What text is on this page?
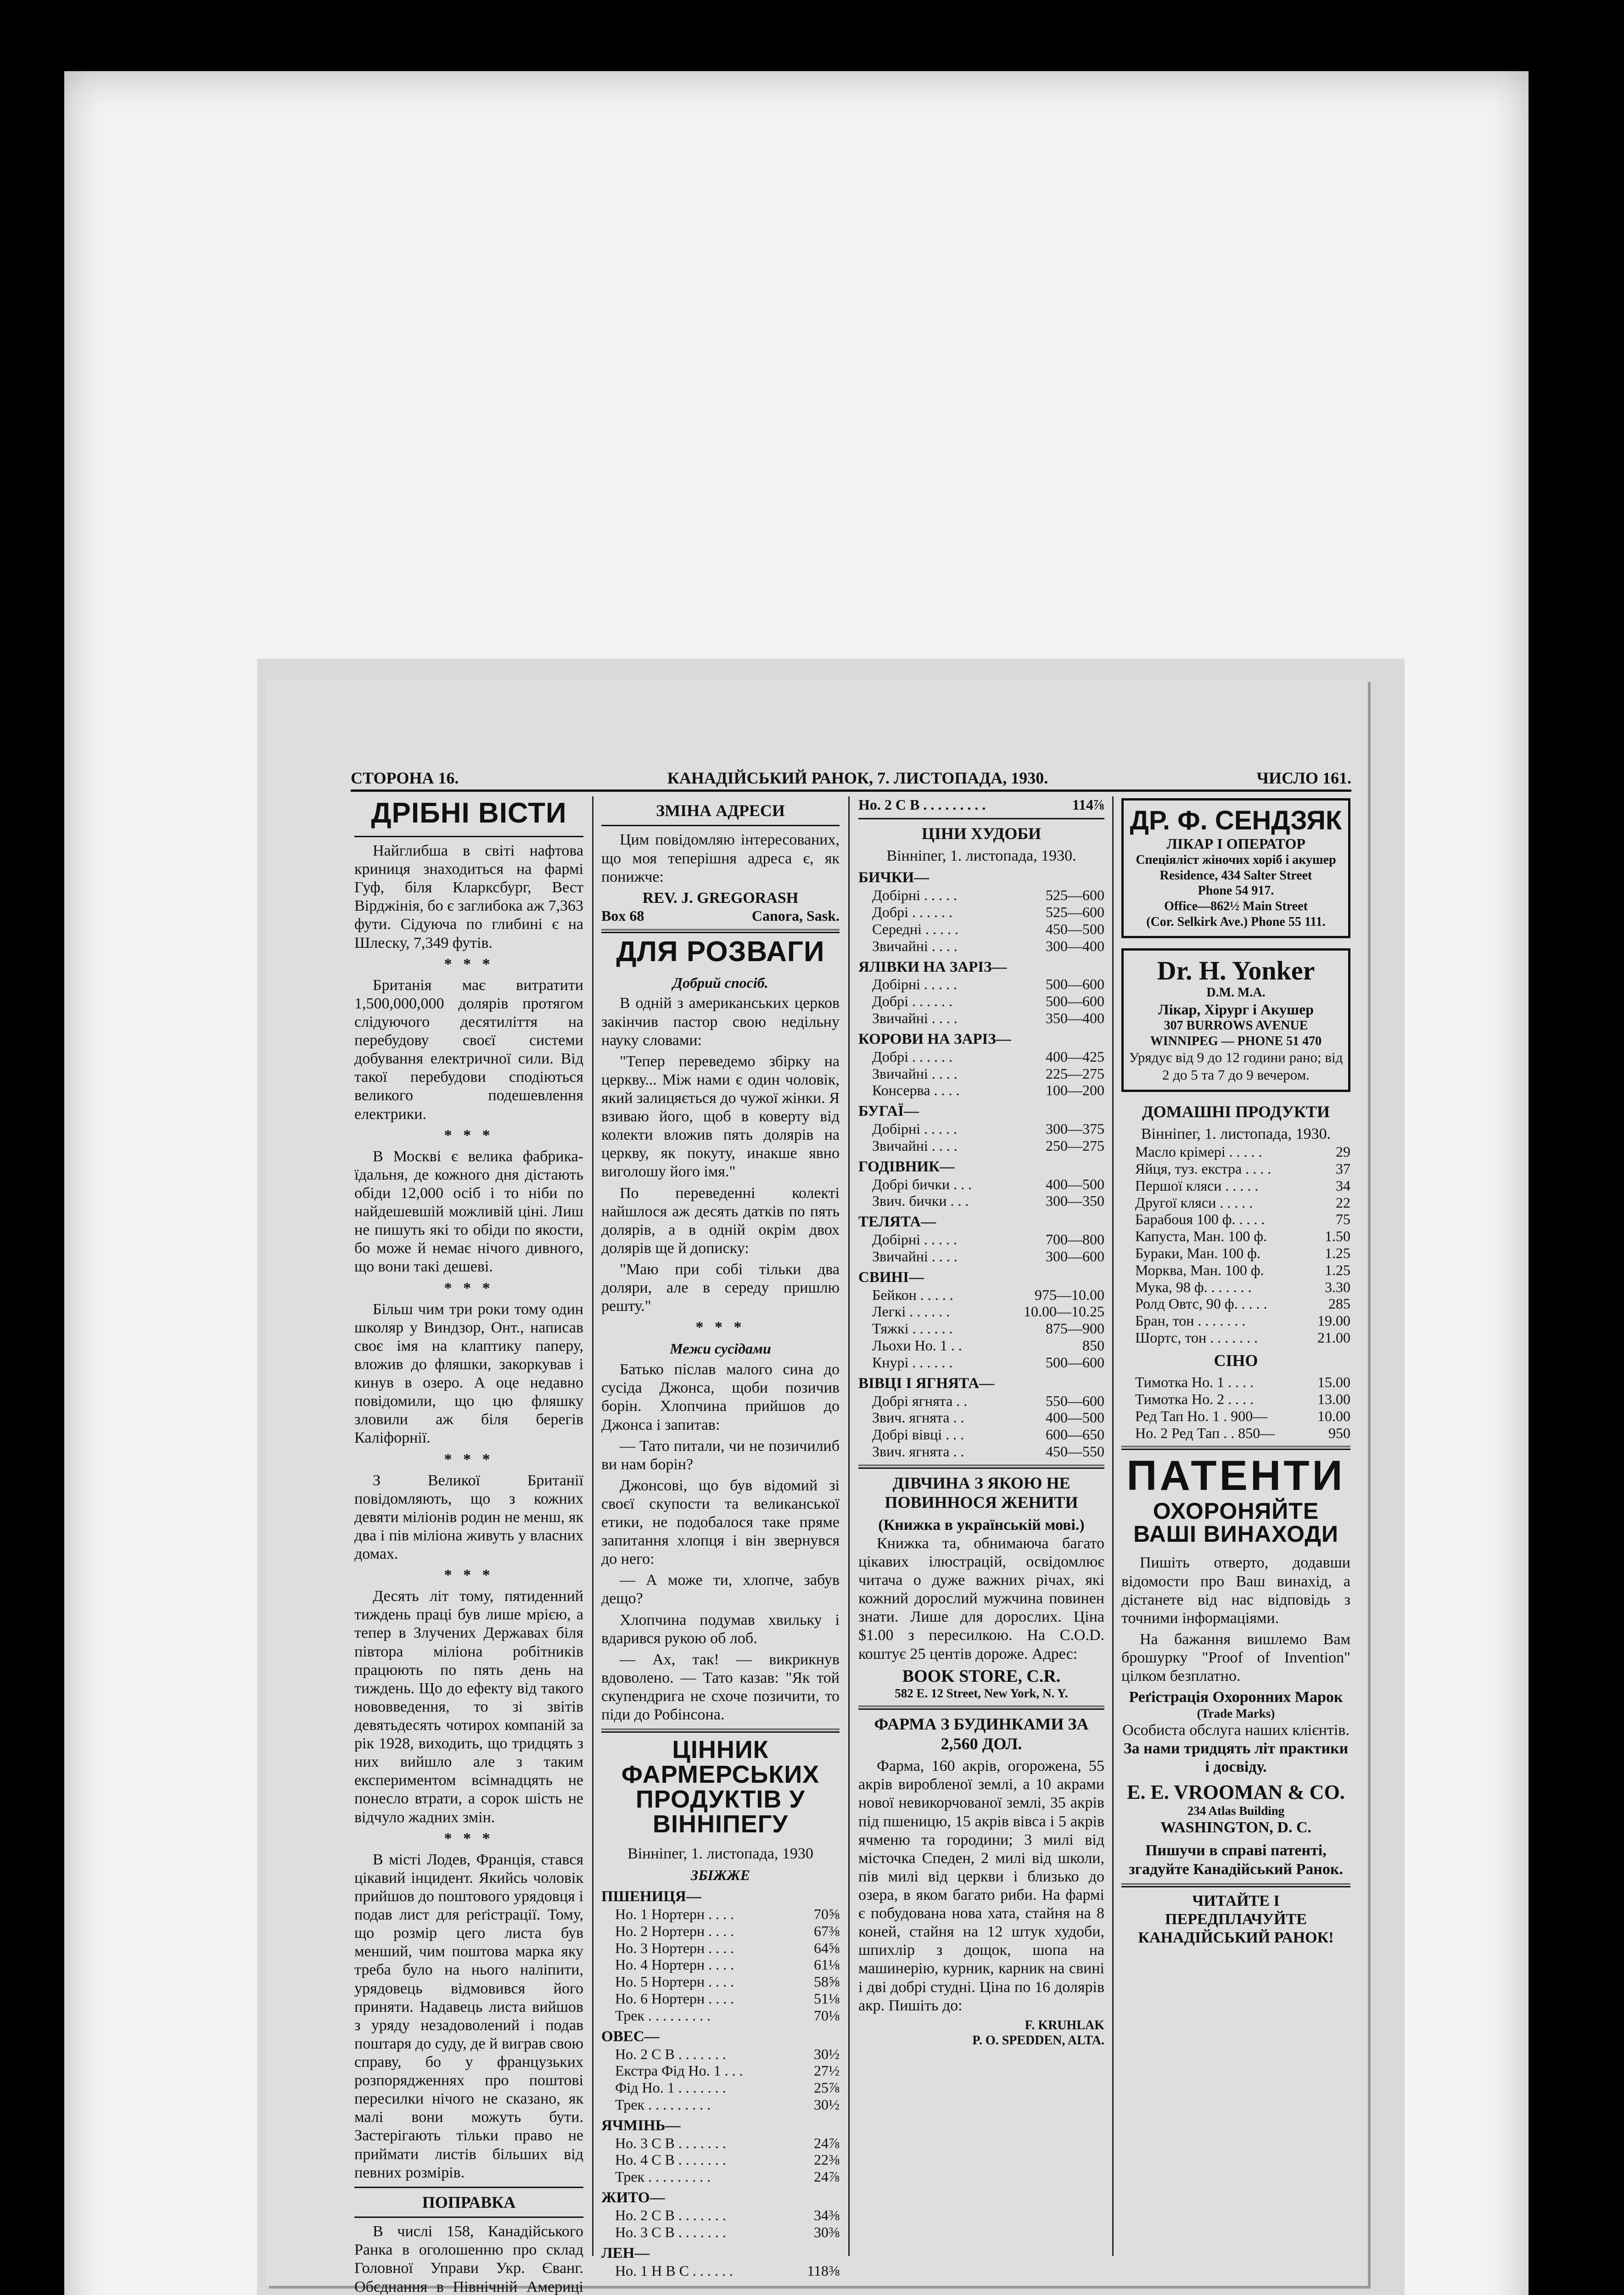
СТОРОНА 16.	КАНАДІЙСЬКИЙ РАНОК, 7. ЛИСТОПАДА, 1930.	ЧИСЛО 161.
ДРІБНІ ВІСТИ

Найглибша в світі нафтова криниця знаходиться на фармі Гуф, біля Кларксбург, Вест Вірджінія, бо є заглибока аж 7,363 фути. Сідуюча по глибині є на Шлеску, 7,349 футів.

* * *

Британія має витратити 1,500,000,000 долярів протягом слідуючого десятиліття на перебудову своєї системи добування електричної сили. Від такої перебудови сподіються великого подешевлення електрики.

* * *

В Москві є велика фабрика-їдальня, де кожного дня дістають обіди 12,000 осіб і то ніби по найдешевшій можливій ціні. Лиш не пишуть які то обіди по якости, бо може й немає нічого дивного, що вони такі дешеві.

* * *

Більш чим три роки тому один школяр у Виндзор, Онт., написав своє імя на клаптику паперу, вложив до фляшки, закоркував і кинув в озеро. А оце недавно повідомили, що цю фляшку зловили аж біля берегів Каліфорнії.

* * *

З Великої Британії повідомляють, що з кожних девяти міліонів родин не менш, як два і пів міліона живуть у власних домах.

* * *

Десять літ тому, пятиденний тиждень праці був лише мрією, а тепер в Злучених Державах біля півтора міліона робітників працюють по пять день на тиждень. Що до ефекту від такого нововведення, то зі звітів девятьдесять чотирох компаній за рік 1928, виходить, що тридцять з них вийшло але з таким експериментом всімнадцять не понесло втрати, а сорок шість не відчуло жадних змін.

* * *

В місті Лодев, Франція, стався цікавий інцидент. Якийсь чоловік прийшов до поштового урядовця і подав лист для реґістрації. Тому, що розмір цего листа був менший, чим поштова марка яку треба було на нього наліпити, урядовець відмовився його приняти. Надавець листа вийшов з уряду незадоволений і подав поштаря до суду, де й виграв свою справу, бо у французьких розпорядженнях про поштові пересилки нічого не сказано, як малі вони можуть бути. Застерігають тільки право не приймати листів більших від певних розмірів.

ПОПРАВКА

В числі 158, Канадійського Ранка в оголошенню про склад Головної Управи Укр. Єванг. Обєднання в Північній Америці

ЗМІНА АДРЕСИ

Цим повідомляю інтересованих, що моя теперішня адреса є, як понижче:

REV. J. GREGORASH
Box 68	Canora, Sask.
ДЛЯ РОЗВАГИ
Добрий спосіб.

В одній з американських церков закінчив пастор свою недільну науку словами:

"Тепер переведемо збірку на церкву... Між нами є один чоловік, який залицяється до чужої жінки. Я взиваю його, щоб в коверту від колекти вложив пять долярів на церкву, як покуту, инакше явно виголошу його імя."

По переведенні колекті найшлося аж десять датків по пять долярів, а в одній окрім двох долярів ще й дописку:

"Маю при собі тільки два доляри, але в середу пришлю решту."

* * *
Межи сусідами

Батько післав малого сина до сусіда Джонса, щоби позичив борін. Хлопчина прийшов до Джонса і запитав:

— Тато питали, чи не позичилиб ви нам борін?

Джонсові, що був відомий зі своєї скупости та великанської етики, не подобалося таке пряме запитання хлопця і він звернувся до него:

— А може ти, хлопче, забув дещо?

Хлопчина подумав хвильку і вдарився рукою об лоб.

— Ах, так! — викрикнув вдоволено. — Тато казав: "Як той скупендрига не схоче позичити, то піди до Робінсона.

ЦІННИК ФАРМЕРСЬКИХ ПРОДУКТІВ У ВІННІПЕГУ
Вінніпег, 1. листопада, 1930
ЗБІЖЖЕ
ПШЕНИЦЯ—
Но. 1 Нортерн . . . .	70⅝
Но. 2 Нортерн . . . .	67⅜
Но. 3 Нортерн . . . .	64⅝
Но. 4 Нортерн . . . .	61⅛
Но. 5 Нортерн . . . .	58⅝
Но. 6 Нортерн . . . .	51⅛
Трек . . . . . . . . .	70⅛
ОВЕС—
Но. 2 С В . . . . . . .	30½
Екстра Фід Но. 1 . . .	27½
Фід Но. 1 . . . . . . .	25⅞
Трек . . . . . . . . .	30½
ЯЧМІНЬ—
Но. 3 С В . . . . . . .	24⅞
Но. 4 С В . . . . . . .	22⅜
Трек . . . . . . . . .	24⅞
ЖИТО—
Но. 2 С В . . . . . . .	34⅜
Но. 3 С В . . . . . . .	30⅜
ЛЕН—
Но. 1 Н В С . . . . . .	118⅜
Но. 2 С В . . . . . . . . .	114⅞
ЦІНИ ХУДОБИ
Вінніпег, 1. листопада, 1930.
БИЧКИ—
Добірні . . . . .	525—600
Добрі . . . . . .	525—600
Середні . . . . .	450—500
Звичайні . . . .	300—400
ЯЛІВКИ НА ЗАРІЗ—
Добірні . . . . .	500—600
Добрі . . . . . .	500—600
Звичайні . . . .	350—400
КОРОВИ НА ЗАРІЗ—
Добрі . . . . . .	400—425
Звичайні . . . .	225—275
Консерва . . . .	100—200
БУГАЇ—
Добірні . . . . .	300—375
Звичайні . . . .	250—275
ГОДІВНИК—
Добрі бички . . .	400—500
Звич. бички . . .	300—350
ТЕЛЯТА—
Добірні . . . . .	700—800
Звичайні . . . .	300—600
СВИНІ—
Бейкон . . . . .	975—10.00
Легкі . . . . . .	10.00—10.25
Тяжкі . . . . . .	875—900
Льохи Но. 1 . .	850
Кнурі . . . . . .	500—600
ВІВЦІ І ЯГНЯТА—
Добрі ягнята . .	550—600
Звич. ягнята . .	400—500
Добрі вівці . . .	600—650
Звич. ягнята . .	450—550
ДІВЧИНА З ЯКОЮ НЕ ПОВИННОСЯ ЖЕНИТИ
(Книжка в українській мові.)

Книжка та, обнимаюча багато цікавих ілюстрацій, освідомлює читача о дуже важних річах, які кожний дорослий мужчина повинен знати. Лише для дорослих. Ціна $1.00 з пересилкою. На C.O.D. коштує 25 центів дороже. Адрес:

BOOK STORE, C.R.
582 E. 12 Street, New York, N. Y.
ФАРМА З БУДИНКАМИ ЗА 2,560 ДОЛ.

Фарма, 160 акрів, огорожена, 55 акрів виробленої землі, а 10 акрами нової невикорчованої землі, 35 акрів під пшеницю, 15 акрів вівса і 5 акрів ячменю та городини; 3 милі від місточка Спеден, 2 милі від школи, пів милі від церкви і близько до озера, в яком багато риби. На фармі є побудована нова хата, стайня на 8 коней, стайня на 12 штук худоби, шпихлір з дощок, шопа на машинерію, курник, карник на свині і дві добрі студні. Ціна по 16 долярів акр. Пишіть до:

F. KRUHLAK
P. O. SPEDDEN, ALTA.
ДР. Ф. СЕНДЗЯК
ЛІКАР І ОПЕРАТОР
Спеціяліст жіночих хоріб і акушер
Residence, 434 Salter Street
Phone 54 917.
Office—862½ Main Street
(Cor. Selkirk Ave.) Phone 55 111.
Dr. H. Yonker
D.M. M.A.
Лікар, Хірург і Акушер
307 BURROWS AVENUE
WINNIPEG — PHONE 51 470
Урядує від 9 до 12 години рано; від 2 до 5 та 7 до 9 вечером.
ДОМАШНІ ПРОДУКТИ
Вінніпег, 1. листопада, 1930.
Масло крімері . . . . .	29
Яйця, туз. екстра . . . .	37
Першої кляси . . . . .	34
Другої кляси . . . . .	22
Барабоuя 100 ф. . . . .	75
Капуста, Ман. 100 ф.	1.50
Бураки, Ман. 100 ф.	1.25
Морква, Ман. 100 ф.	1.25
Мука, 98 ф. . . . . . .	3.30
Ролд Овтс, 90 ф. . . . .	285
Бран, тон . . . . . . .	19.00
Шортс, тон . . . . . . .	21.00
СІНО
Тимотка Но. 1 . . . .	15.00
Тимотка Но. 2 . . . .	13.00
Ред Тап Но. 1 . 900—	10.00
Но. 2 Ред Тап . . 850—	950
ПАТЕНТИ
ОХОРОНЯЙТЕ ВАШІ ВИНАХОДИ

Пишіть отверто, додавши відомости про Ваш винахід, а дістанете від нас відповідь з точними інформаціями.

На бажання вишлемо Вам брошурку "Proof of Invention" цілком безплатно.

Реґістрація Охоронних Марок
(Trade Marks)
Особиста обслуга наших клієнтів.
За нами тридцять літ практики і досвіду.
E. E. VROOMAN & CO.
234 Atlas Building
WASHINGTON, D. C.
Пишучи в справі патенті, згадуйте Канадійський Ранок.
ЧИТАЙТЕ І ПЕРЕДПЛАЧУЙТЕ КАНАДІЙСЬКИЙ РАНОК!
